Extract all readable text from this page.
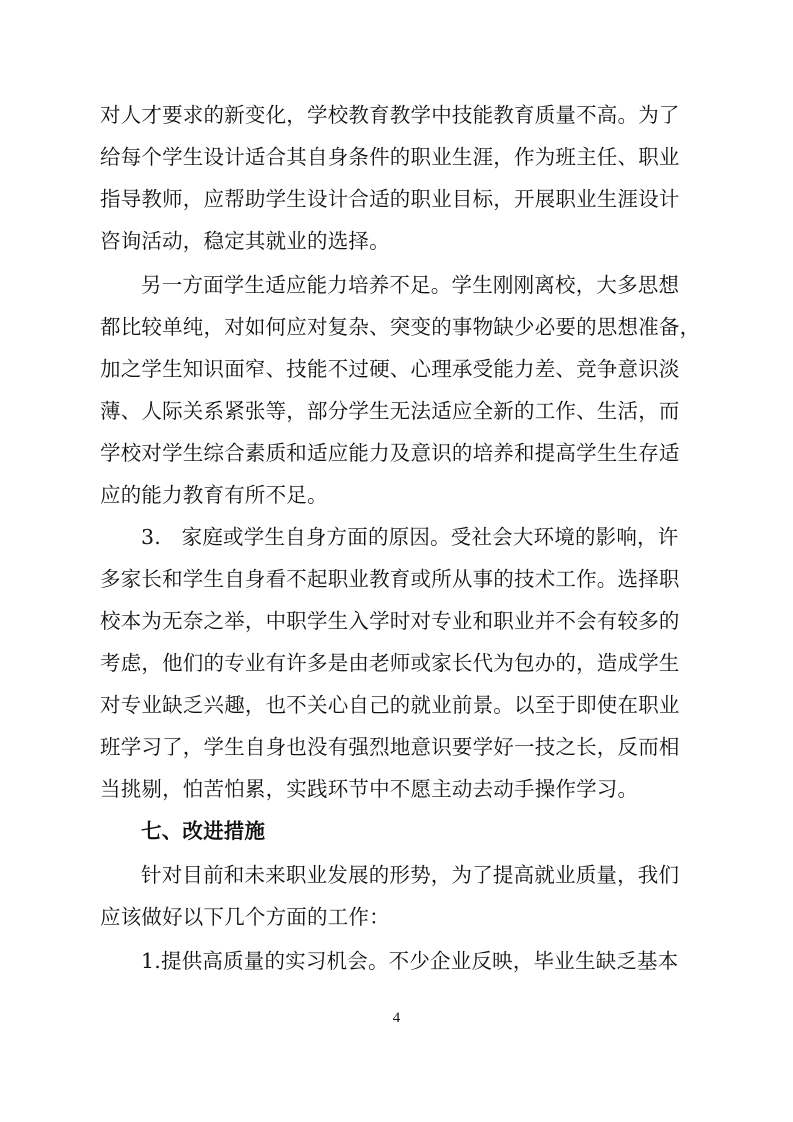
对人才要求的新变化，学校教育教学中技能教育质量不高。为了
给每个学生设计适合其自身条件的职业生涯，作为班主任、职业
指导教师，应帮助学生设计合适的职业目标，开展职业生涯设计
咨询活动，稳定其就业的选择。
另一方面学生适应能力培养不足。学生刚刚离校，大多思想
都比较单纯，对如何应对复杂、突变的事物缺少必要的思想准备，
加之学生知识面窄、技能不过硬、心理承受能力差、竞争意识淡
薄、人际关系紧张等，部分学生无法适应全新的工作、生活，而
学校对学生综合素质和适应能力及意识的培养和提高学生生存适
应的能力教育有所不足。
3.　家庭或学生自身方面的原因。受社会大环境的影响，许
多家长和学生自身看不起职业教育或所从事的技术工作。选择职
校本为无奈之举，中职学生入学时对专业和职业并不会有较多的
考虑，他们的专业有许多是由老师或家长代为包办的，造成学生
对专业缺乏兴趣，也不关心自己的就业前景。以至于即使在职业
班学习了，学生自身也没有强烈地意识要学好一技之长，反而相
当挑剔，怕苦怕累，实践环节中不愿主动去动手操作学习。
七、改进措施
针对目前和未来职业发展的形势，为了提高就业质量，我们
应该做好以下几个方面的工作：
1.提供高质量的实习机会。不少企业反映，毕业生缺乏基本
4
